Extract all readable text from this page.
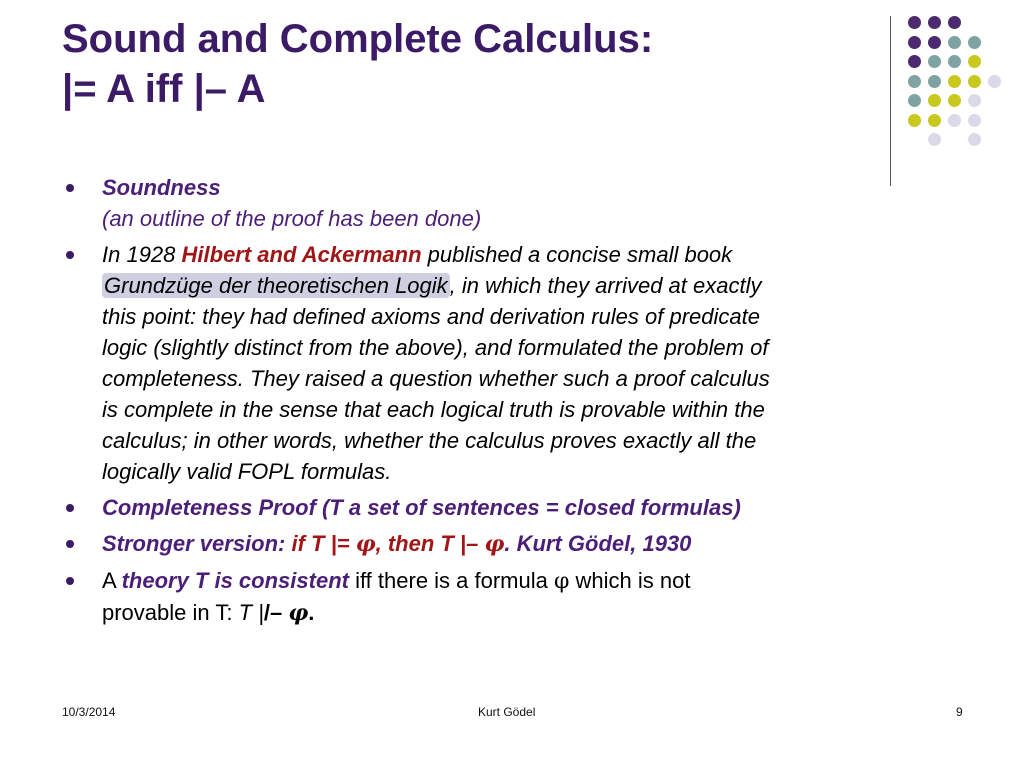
Sound and Complete Calculus:
|= A iff |– A
Soundness
(an outline of the proof has been done)
In 1928 Hilbert and Ackermann published a concise small book
Grundzüge der theoretischen Logik, in which they arrived at exactly
this point: they had defined axioms and derivation rules of predicate
logic (slightly distinct from the above), and formulated the problem of
completeness. They raised a question whether such a proof calculus
is complete in the sense that each logical truth is provable within the
calculus; in other words, whether the calculus proves exactly all the
logically valid FOPL formulas.
Completeness Proof (T a set of sentences = closed formulas)
Stronger version: if T |= φ, then T |– φ. Kurt Gödel, 1930
A theory T is consistent iff there is a formula φ which is not
provable in T: T |/– φ.
10/3/2014	Kurt Gödel	9
